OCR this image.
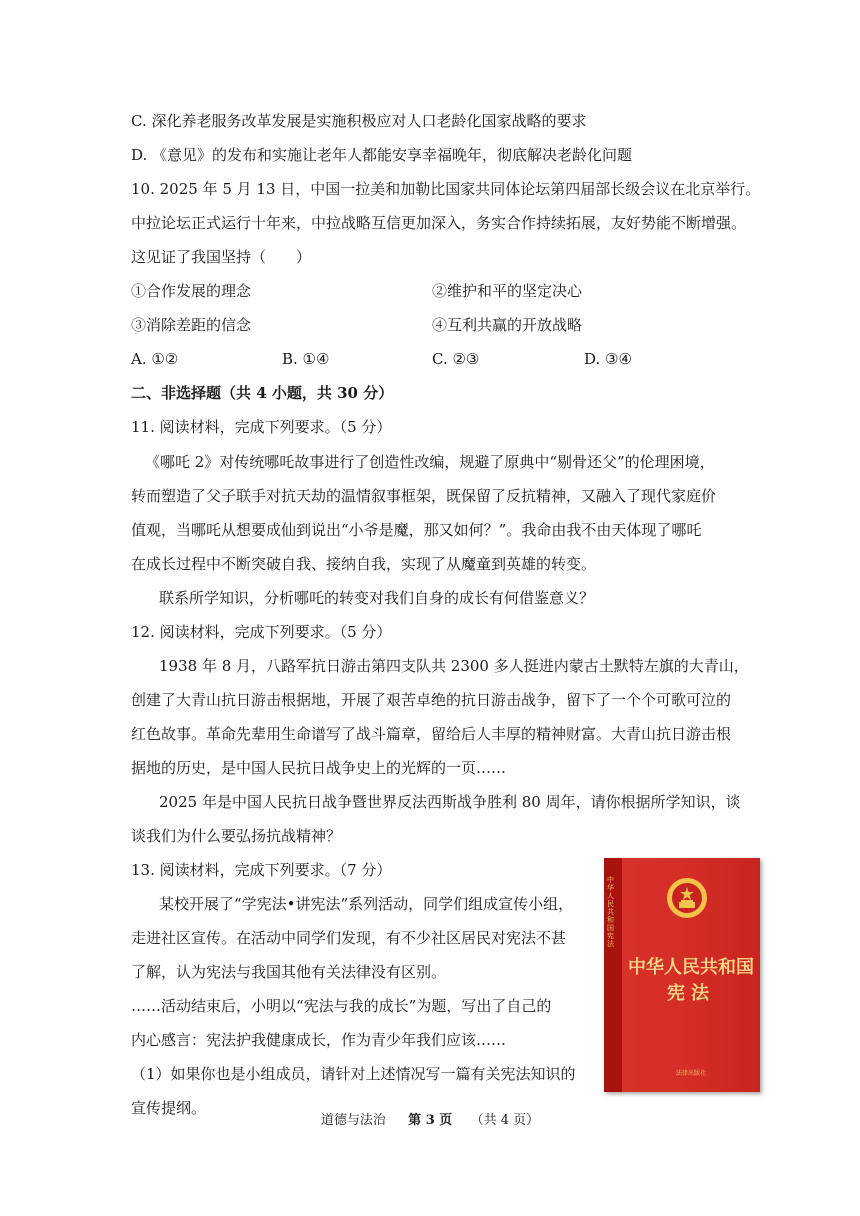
C. 深化养老服务改革发展是实施积极应对人口老龄化国家战略的要求
D. 《意见》的发布和实施让老年人都能安享幸福晚年，彻底解决老龄化问题
10. 2025 年 5 月 13 日，中国一拉美和加勒比国家共同体论坛第四届部长级会议在北京举行。
中拉论坛正式运行十年来，中拉战略互信更加深入，务实合作持续拓展，友好势能不断增强。
这见证了我国坚持（　　）
①合作发展的理念	②维护和平的坚定决心
③消除差距的信念	④互利共赢的开放战略
A. ①②	B. ①④	C. ②③	D. ③④
二、非选择题（共 4 小题，共 30 分）
11. 阅读材料，完成下列要求。（5 分）
《哪吒 2》对传统哪吒故事进行了创造性改编，规避了原典中“剔骨还父”的伦理困境，
转而塑造了父子联手对抗天劫的温情叙事框架，既保留了反抗精神，又融入了现代家庭价
值观，当哪吒从想要成仙到说出“小爷是魔，那又如何？”。我命由我不由天体现了哪吒
在成长过程中不断突破自我、接纳自我，实现了从魔童到英雄的转变。
联系所学知识，分析哪吒的转变对我们自身的成长有何借鉴意义？
12. 阅读材料，完成下列要求。（5 分）
1938 年 8 月，八路军抗日游击第四支队共 2300 多人挺进内蒙古土默特左旗的大青山，
创建了大青山抗日游击根据地，开展了艰苦卓绝的抗日游击战争，留下了一个个可歌可泣的
红色故事。革命先辈用生命谱写了战斗篇章，留给后人丰厚的精神财富。大青山抗日游击根
据地的历史，是中国人民抗日战争史上的光辉的一页……
2025 年是中国人民抗日战争暨世界反法西斯战争胜利 80 周年，请你根据所学知识，谈
谈我们为什么要弘扬抗战精神？
13. 阅读材料，完成下列要求。（7 分）
某校开展了“学宪法•讲宪法”系列活动，同学们组成宣传小组，
走进社区宣传。在活动中同学们发现，有不少社区居民对宪法不甚
了解，认为宪法与我国其他有关法律没有区别。
……活动结束后，小明以“宪法与我的成长”为题，写出了自己的
内心感言：宪法护我健康成长，作为青少年我们应该……
（1）如果你也是小组成员，请针对上述情况写一篇有关宪法知识的
宣传提纲。
中华人民共和国宪法
中华人民共和国
宪法
法律出版社
道德与法治 第 3 页 （共 4 页）
